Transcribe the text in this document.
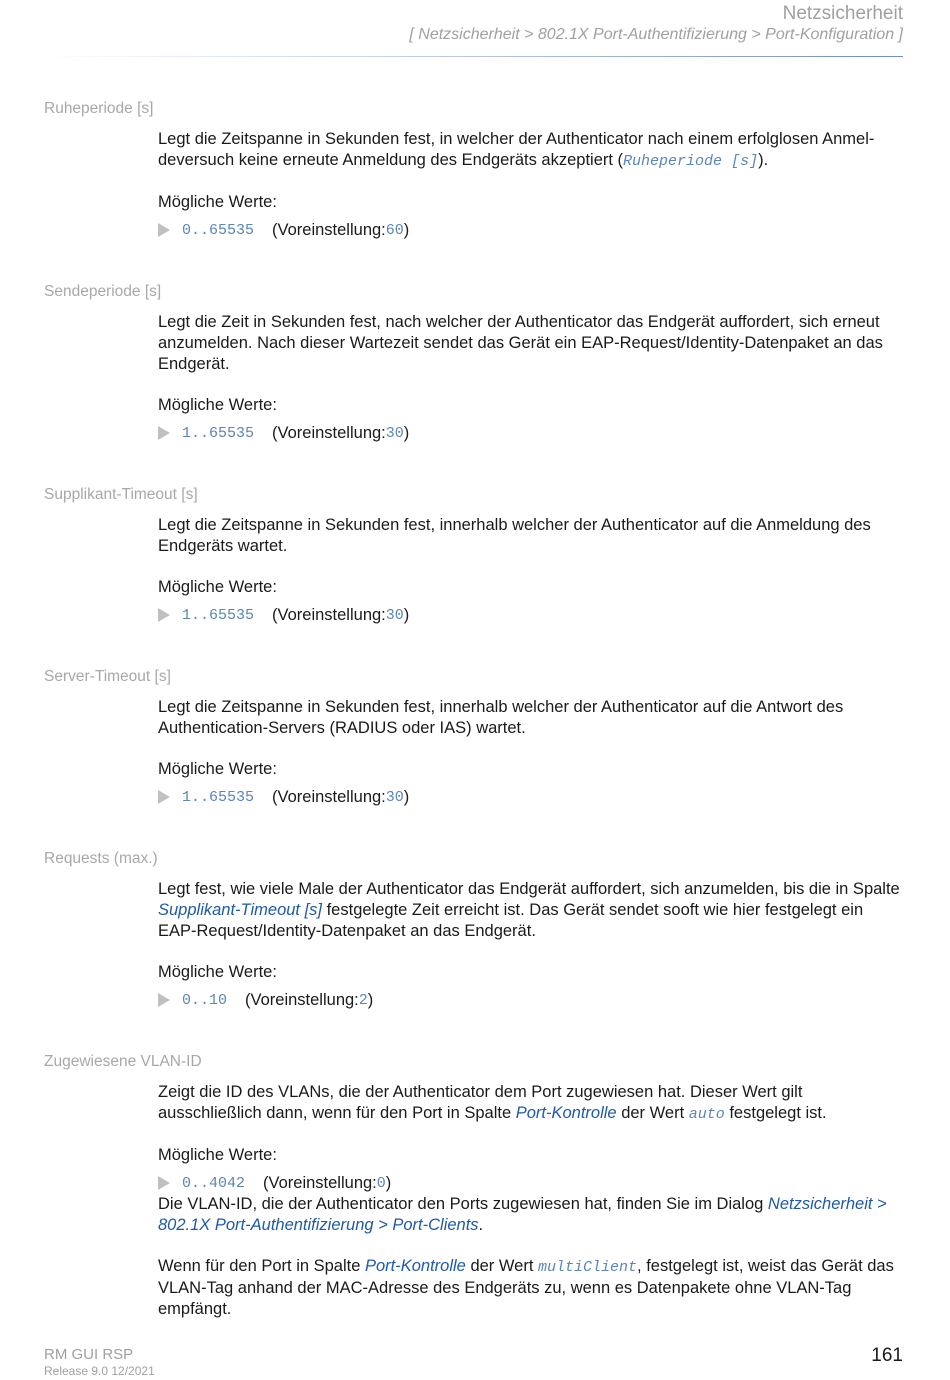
Netzsicherheit
[ Netzsicherheit > 802.1X Port-Authentifizierung > Port-Konfiguration ]
Ruheperiode [s]

Legt die Zeitspanne in Sekunden fest, in welcher der Authenticator nach einem erfolglosen Anmel-deversuch keine erneute Anmeldung des Endgeräts akzeptiert (Ruheperiode [s]).

Mögliche Werte:

0..65535 (Voreinstellung: 60 )
Sendeperiode [s]

Legt die Zeit in Sekunden fest, nach welcher der Authenticator das Endgerät auffordert, sich erneut anzumelden. Nach dieser Wartezeit sendet das Gerät ein EAP-Request/Identity-Datenpaket an das Endgerät.

Mögliche Werte:

1..65535 (Voreinstellung: 30 )
Supplikant-Timeout [s]

Legt die Zeitspanne in Sekunden fest, innerhalb welcher der Authenticator auf die Anmeldung des Endgeräts wartet.

Mögliche Werte:

1..65535 (Voreinstellung: 30 )
Server-Timeout [s]

Legt die Zeitspanne in Sekunden fest, innerhalb welcher der Authenticator auf die Antwort des Authentication-Servers (RADIUS oder IAS) wartet.

Mögliche Werte:

1..65535 (Voreinstellung: 30 )
Requests (max.)

Legt fest, wie viele Male der Authenticator das Endgerät auffordert, sich anzumelden, bis die in Spalte Supplikant-Timeout [s] festgelegte Zeit erreicht ist. Das Gerät sendet sooft wie hier festgelegt ein EAP-Request/Identity-Datenpaket an das Endgerät.

Mögliche Werte:

0..10 (Voreinstellung: 2 )
Zugewiesene VLAN-ID

Zeigt die ID des VLANs, die der Authenticator dem Port zugewiesen hat. Dieser Wert gilt ausschließlich dann, wenn für den Port in Spalte Port-Kontrolle der Wert auto festgelegt ist.

Mögliche Werte:

0..4042 (Voreinstellung: 0 )

Die VLAN-ID, die der Authenticator den Ports zugewiesen hat, finden Sie im Dialog Netzsicherheit > 802.1X Port-Authentifizierung > Port-Clients.

Wenn für den Port in Spalte Port-Kontrolle der Wert multiClient, festgelegt ist, weist das Gerät das VLAN-Tag anhand der MAC-Adresse des Endgeräts zu, wenn es Datenpakete ohne VLAN-Tag empfängt.

RM GUI RSP
Release 9.0 12/2021
161
